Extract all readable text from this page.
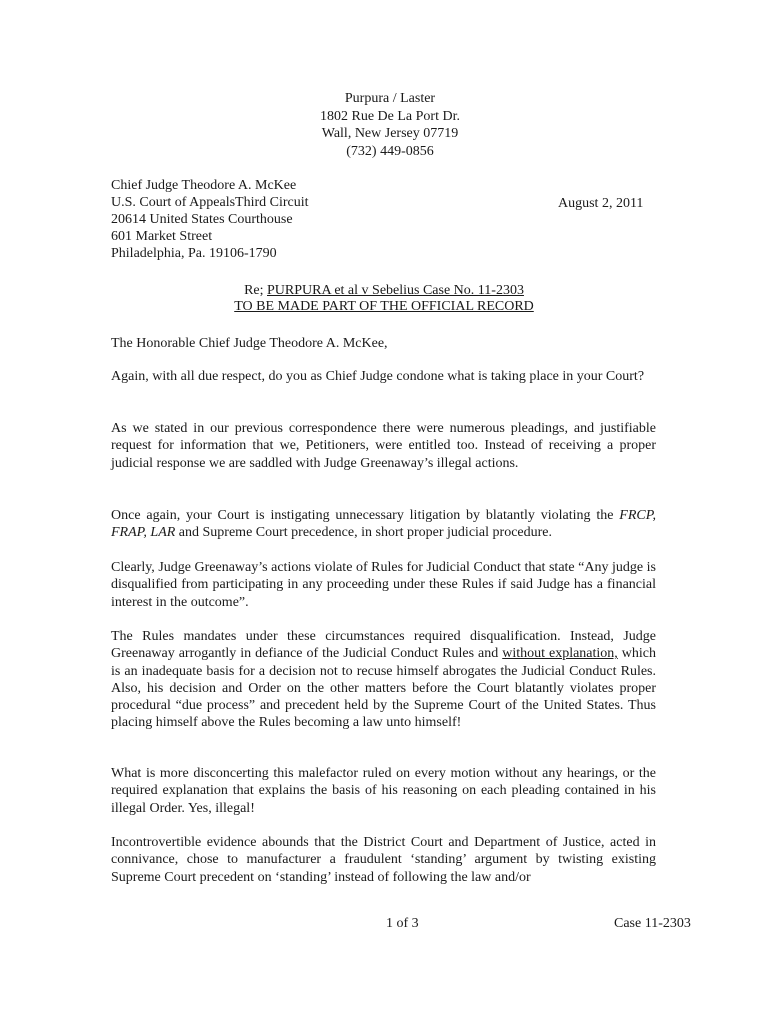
Purpura / Laster
1802 Rue De La Port Dr.
Wall, New Jersey 07719
(732) 449-0856
Chief Judge Theodore A. McKee
U.S. Court of AppealsThird Circuit
20614 United States Courthouse
601 Market Street
Philadelphia, Pa. 19106-1790
August 2, 2011
Re; PURPURA et al v Sebelius Case No. 11-2303
TO BE MADE PART OF THE OFFICIAL RECORD
The Honorable Chief Judge Theodore A. McKee,

Again, with all due respect, do you as Chief Judge condone what is taking place in your Court?

As we stated in our previous correspondence there were numerous pleadings, and justifiable request for information that we, Petitioners, were entitled too. Instead of receiving a proper judicial response we are saddled with Judge Greenaway’s illegal actions.

Once again, your Court is instigating unnecessary litigation by blatantly violating the FRCP, FRAP, LAR and Supreme Court precedence, in short proper judicial procedure.

Clearly, Judge Greenaway’s actions violate of Rules for Judicial Conduct that state “Any judge is disqualified from participating in any proceeding under these Rules if said Judge has a financial interest in the outcome”.

The Rules mandates under these circumstances required disqualification. Instead, Judge Greenaway arrogantly in defiance of the Judicial Conduct Rules and without explanation, which is an inadequate basis for a decision not to recuse himself abrogates the Judicial Conduct Rules. Also, his decision and Order on the other matters before the Court blatantly violates proper procedural “due process” and precedent held by the Supreme Court of the United States. Thus placing himself above the Rules becoming a law unto himself!

What is more disconcerting this malefactor ruled on every motion without any hearings, or the required explanation that explains the basis of his reasoning on each pleading contained in his illegal Order. Yes, illegal!

Incontrovertible evidence abounds that the District Court and Department of Justice, acted in connivance, chose to manufacturer a fraudulent ‘standing’ argument by twisting existing Supreme Court precedent on ‘standing’ instead of following the law and/or

1 of 3	Case 11-2303
